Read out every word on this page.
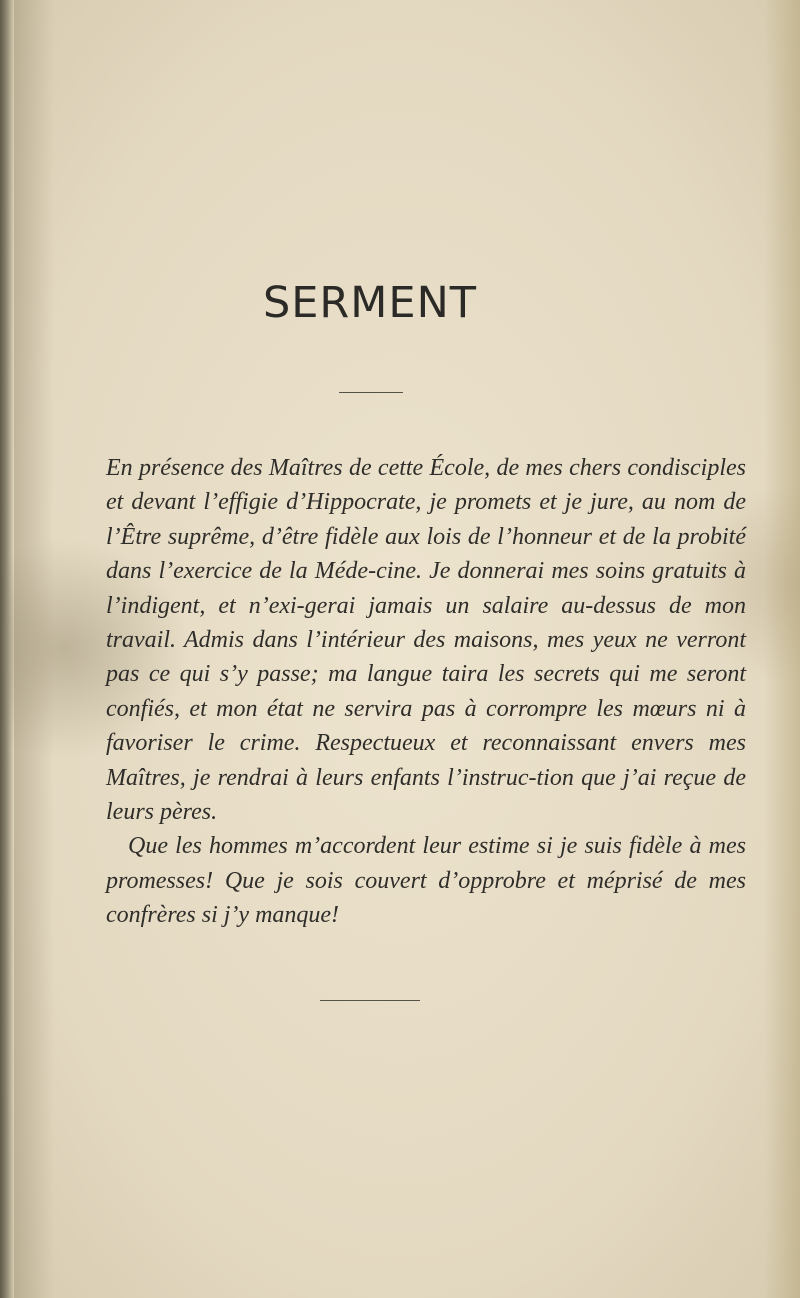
SERMENT

En présence des Maîtres de cette École, de mes chers condisciples et devant l’effigie d’Hippocrate, je promets et je jure, au nom de l’Être suprême, d’être fidèle aux lois de l’honneur et de la probité dans l’exercice de la Méde-cine. Je donnerai mes soins gratuits à l’indigent, et n’exi-gerai jamais un salaire au-dessus de mon travail. Admis dans l’intérieur des maisons, mes yeux ne verront pas ce qui s’y passe; ma langue taira les secrets qui me seront confiés, et mon état ne servira pas à corrompre les mœurs ni à favoriser le crime. Respectueux et reconnaissant envers mes Maîtres, je rendrai à leurs enfants l’instruc-tion que j’ai reçue de leurs pères.

Que les hommes m’accordent leur estime si je suis fidèle à mes promesses! Que je sois couvert d’opprobre et méprisé de mes confrères si j’y manque!
